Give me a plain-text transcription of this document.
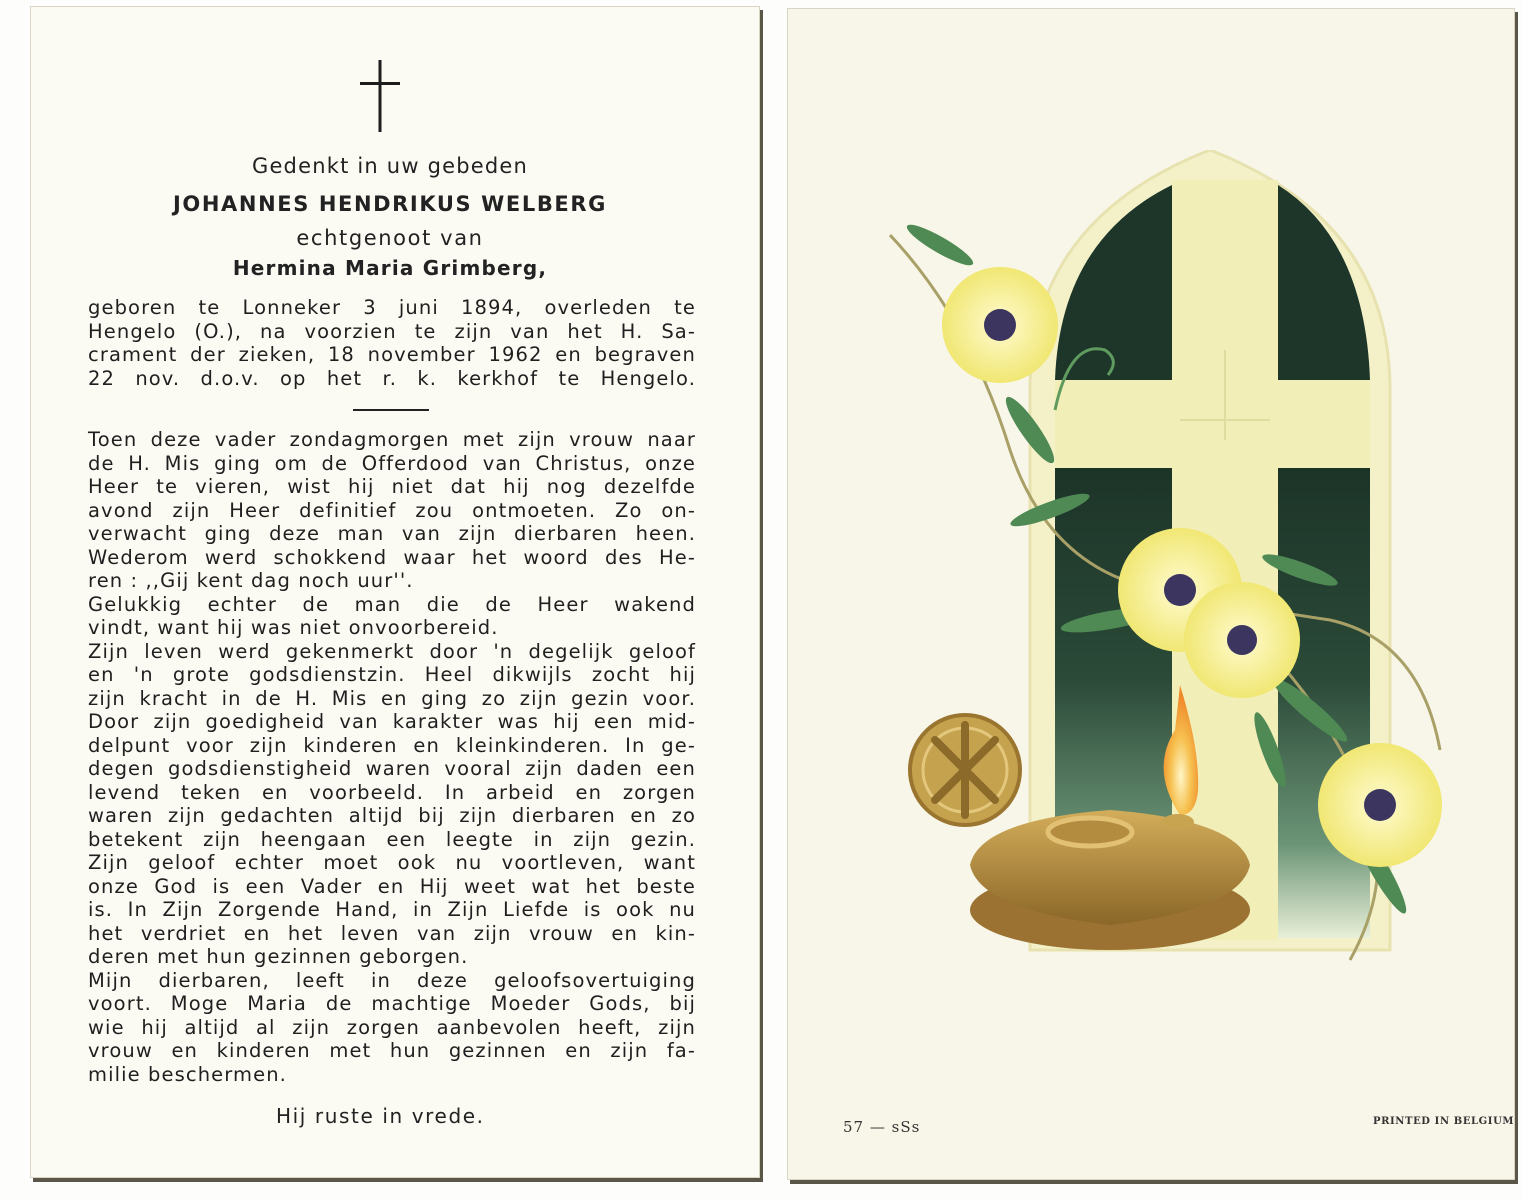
Gedenkt in uw gebeden
JOHANNES HENDRIKUS WELBERG
echtgenoot van
Hermina Maria Grimberg,
geboren te Lonneker 3 juni 1894, overleden te
Hengelo (O.), na voorzien te zijn van het H. Sa-
crament der zieken, 18 november 1962 en begraven
22 nov. d.o.v. op het r. k. kerkhof te Hengelo.
Toen deze vader zondagmorgen met zijn vrouw naar
de H. Mis ging om de Offerdood van Christus, onze
Heer te vieren, wist hij niet dat hij nog dezelfde
avond zijn Heer definitief zou ontmoeten. Zo on-
verwacht ging deze man van zijn dierbaren heen.
Wederom werd schokkend waar het woord des He-
ren : ,,Gij kent dag noch uur''.
Gelukkig echter de man die de Heer wakend
vindt, want hij was niet onvoorbereid.
Zijn leven werd gekenmerkt door 'n degelijk geloof
en 'n grote godsdienstzin. Heel dikwijls zocht hij
zijn kracht in de H. Mis en ging zo zijn gezin voor.
Door zijn goedigheid van karakter was hij een mid-
delpunt voor zijn kinderen en kleinkinderen. In ge-
degen godsdienstigheid waren vooral zijn daden een
levend teken en voorbeeld. In arbeid en zorgen
waren zijn gedachten altijd bij zijn dierbaren en zo
betekent zijn heengaan een leegte in zijn gezin.
Zijn geloof echter moet ook nu voortleven, want
onze God is een Vader en Hij weet wat het beste
is. In Zijn Zorgende Hand, in Zijn Liefde is ook nu
het verdriet en het leven van zijn vrouw en kin-
deren met hun gezinnen geborgen.
Mijn dierbaren, leeft in deze geloofsovertuiging
voort. Moge Maria de machtige Moeder Gods, bij
wie hij altijd al zijn zorgen aanbevolen heeft, zijn
vrouw en kinderen met hun gezinnen en zijn fa-
milie beschermen.
Hij ruste in vrede.	57 — sSs	PRINTED IN BELGIUM
